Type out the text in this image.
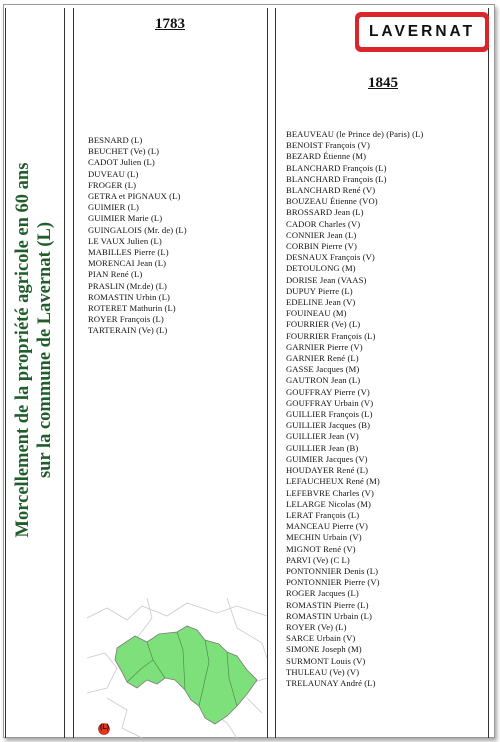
Morcellement de la propriété agricole en 60 ans sur la commune de Lavernat (L)
1783
1845
LAVERNAT
BESNARD (L)
BEUCHET (Ve) (L)
CADOT Julien (L)
DUVEAU (L)
FROGER (L)
GETRA et PIGNAUX (L)
GUIMIER (L)
GUIMIER Marie (L)
GUINGALOIS (Mr. de) (L)
LE VAUX Julien (L)
MABILLES Pierre (L)
MORENCAI Jean (L)
PIAN René (L)
PRASLIN (Mr.de) (L)
ROMASTIN Urbin (L)
ROTERET Mathurin (L)
ROYER François (L)
TARTERAIN (Ve) (L)
BEAUVEAU (le Prince de) (Paris) (L)
BENOIST François (V)
BEZARD Étienne (M)
BLANCHARD François (L)
BLANCHARD François (L)
BLANCHARD René (V)
BOUZEAU Étienne (VO)
BROSSARD Jean (L)
CADOR Charles (V)
CONNIER Jean (L)
CORBIN Pierre (V)
DESNAUX François (V)
DETOULONG (M)
DORISE Jean (VAAS)
DUPUY Pierre (L)
EDELINE Jean (V)
FOUINEAU (M)
FOURRIER (Ve) (L)
FOURRIER François (L)
GARNIER Pierre (V)
GARNIER René (L)
GASSE Jacques (M)
GAUTRON Jean (L)
GOUFFRAY Pierre (V)
GOUFFRAY Urbain (V)
GUILLIER François (L)
GUILLIER Jacques (B)
GUILLIER Jean (V)
GUILLIER Jean (B)
GUIMIER Jacques (V)
HOUDAYER René (L)
LEFAUCHEUX René (M)
LEFEBVRE Charles (V)
LELARGE Nicolas (M)
LERAT François (L)
MANCEAU Pierre (V)
MECHIN Urbain (V)
MIGNOT René (V)
PARVI (Ve) (C L)
PONTONNIER Denis (L)
PONTONNIER Pierre (V)
ROGER Jacques (L)
ROMASTIN Pierre (L)
ROMASTIN Urbain (L)
ROYER (Ve) (L)
SARCE Urbain (V)
SIMONE Joseph (M)
SURMONT Louis (V)
THULEAU (Ve) (V)
TRELAUNAY André (L)
(L)
